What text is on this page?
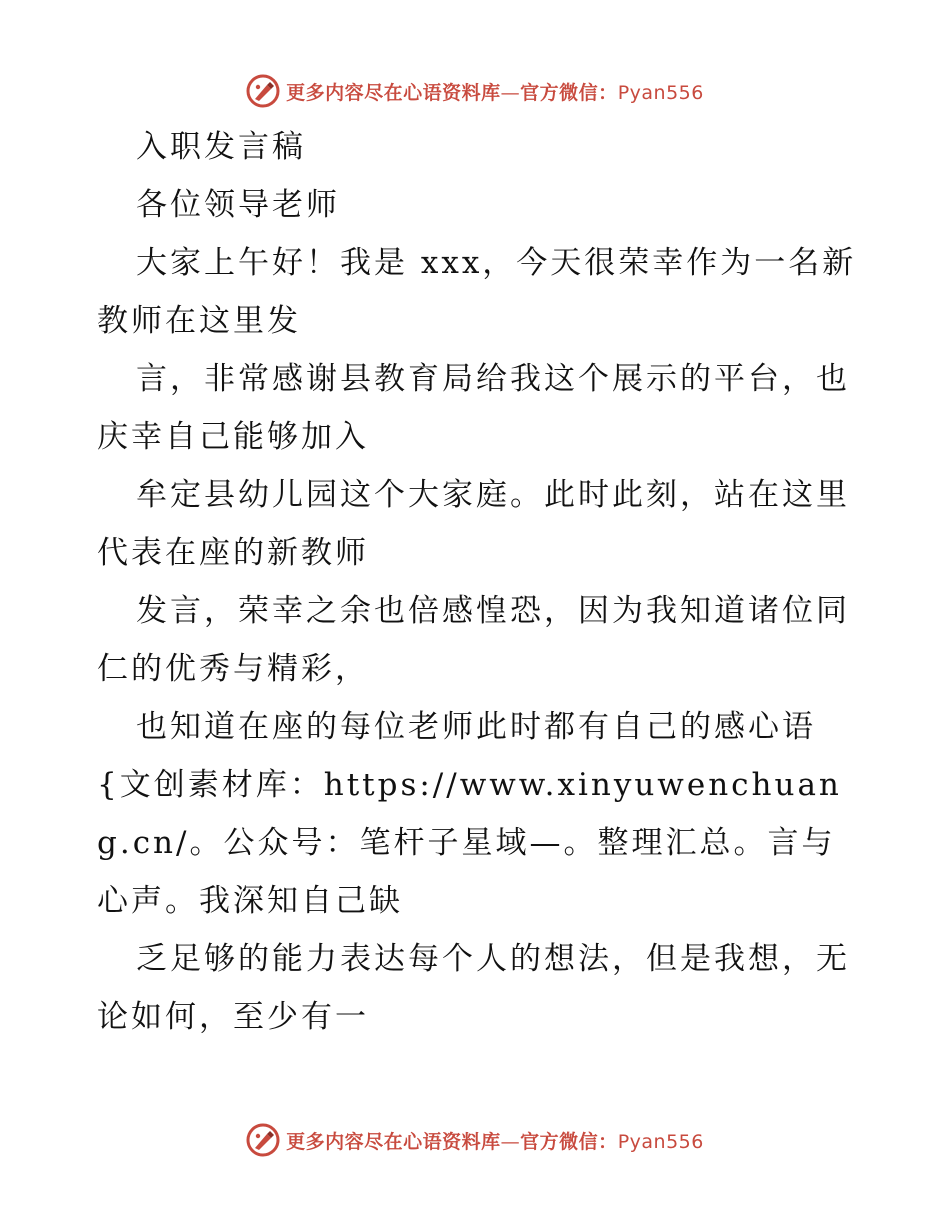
更多内容尽在心语资料库—官方微信：Pyan556

入职发言稿

各位领导老师

大家上午好！我是 xxx，今天很荣幸作为一名新教师在这里发

言，非常感谢县教育局给我这个展示的平台，也庆幸自己能够加入

牟定县幼儿园这个大家庭。此时此刻，站在这里代表在座的新教师

发言，荣幸之余也倍感惶恐，因为我知道诸位同仁的优秀与精彩，

也知道在座的每位老师此时都有自己的感心语{文创素材库：https://www.xinyuwenchuang.cn/。公众号：笔杆子星域—。整理汇总。言与心声。我深知自己缺

乏足够的能力表达每个人的想法，但是我想，无论如何，至少有一

更多内容尽在心语资料库—官方微信：Pyan556
